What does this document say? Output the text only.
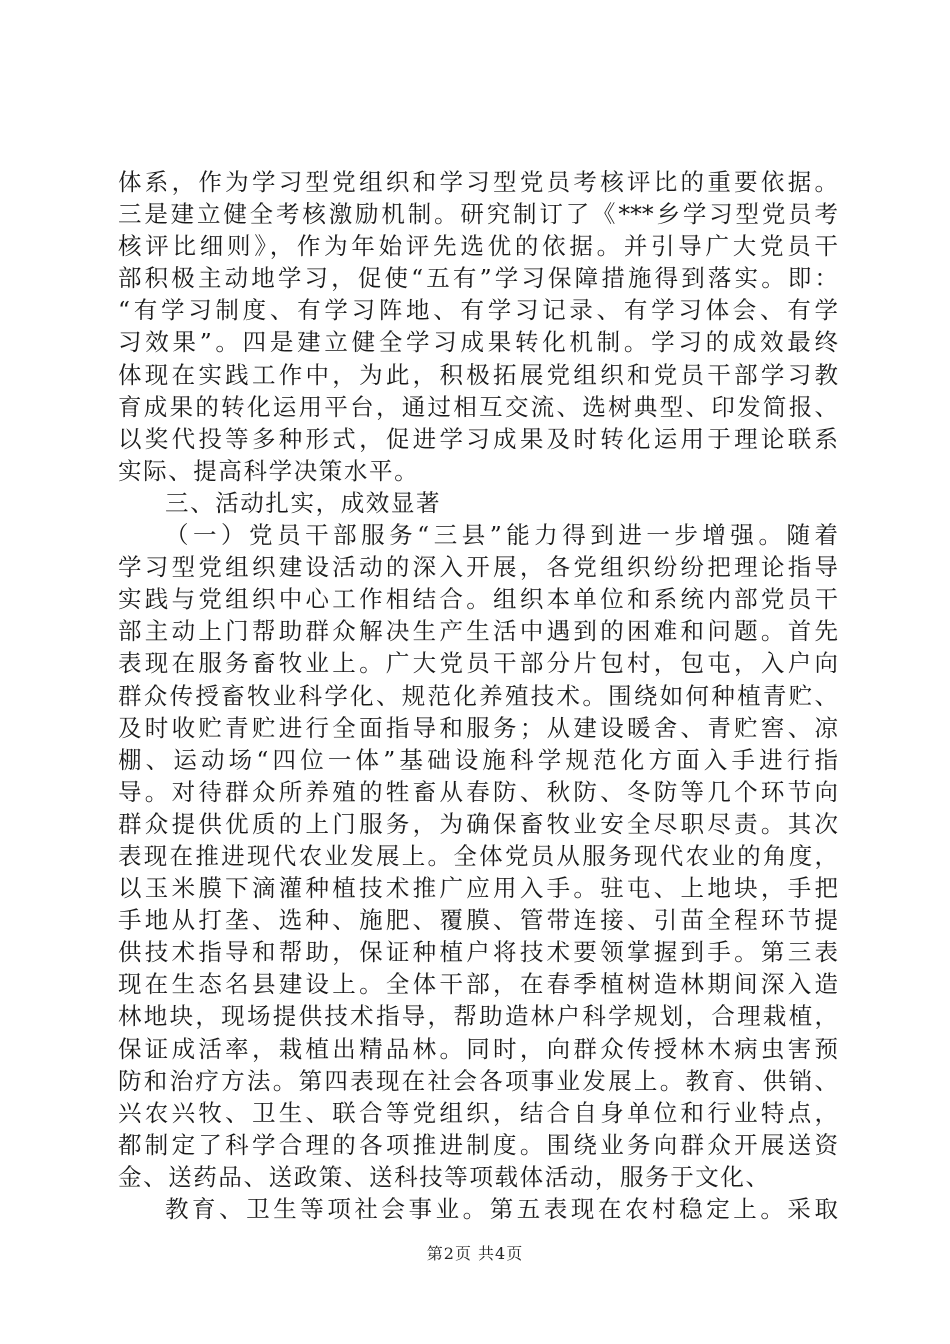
体系，作为学习型党组织和学习型党员考核评比的重要依据。
三是建立健全考核激励机制。研究制订了《***乡学习型党员考
核评比细则》，作为年始评先选优的依据。并引导广大党员干
部积极主动地学习，促使“五有”学习保障措施得到落实。即：
“有学习制度、有学习阵地、有学习记录、有学习体会、有学
习效果”。四是建立健全学习成果转化机制。学习的成效最终
体现在实践工作中，为此，积极拓展党组织和党员干部学习教
育成果的转化运用平台，通过相互交流、选树典型、印发简报、
以奖代投等多种形式，促进学习成果及时转化运用于理论联系
实际、提高科学决策水平。
三、活动扎实，成效显著
（一）党员干部服务“三县”能力得到进一步增强。随着
学习型党组织建设活动的深入开展，各党组织纷纷把理论指导
实践与党组织中心工作相结合。组织本单位和系统内部党员干
部主动上门帮助群众解决生产生活中遇到的困难和问题。首先
表现在服务畜牧业上。广大党员干部分片包村，包屯，入户向
群众传授畜牧业科学化、规范化养殖技术。围绕如何种植青贮、
及时收贮青贮进行全面指导和服务；从建设暖舍、青贮窖、凉
棚、运动场“四位一体”基础设施科学规范化方面入手进行指
导。对待群众所养殖的牲畜从春防、秋防、冬防等几个环节向
群众提供优质的上门服务，为确保畜牧业安全尽职尽责。其次
表现在推进现代农业发展上。全体党员从服务现代农业的角度，
以玉米膜下滴灌种植技术推广应用入手。驻屯、上地块，手把
手地从打垄、选种、施肥、覆膜、管带连接、引苗全程环节提
供技术指导和帮助，保证种植户将技术要领掌握到手。第三表
现在生态名县建设上。全体干部，在春季植树造林期间深入造
林地块，现场提供技术指导，帮助造林户科学规划，合理栽植，
保证成活率，栽植出精品林。同时，向群众传授林木病虫害预
防和治疗方法。第四表现在社会各项事业发展上。教育、供销、
兴农兴牧、卫生、联合等党组织，结合自身单位和行业特点，
都制定了科学合理的各项推进制度。围绕业务向群众开展送资
金、送药品、送政策、送科技等项载体活动，服务于文化、
教育、卫生等项社会事业。第五表现在农村稳定上。采取
第2页 共4页
